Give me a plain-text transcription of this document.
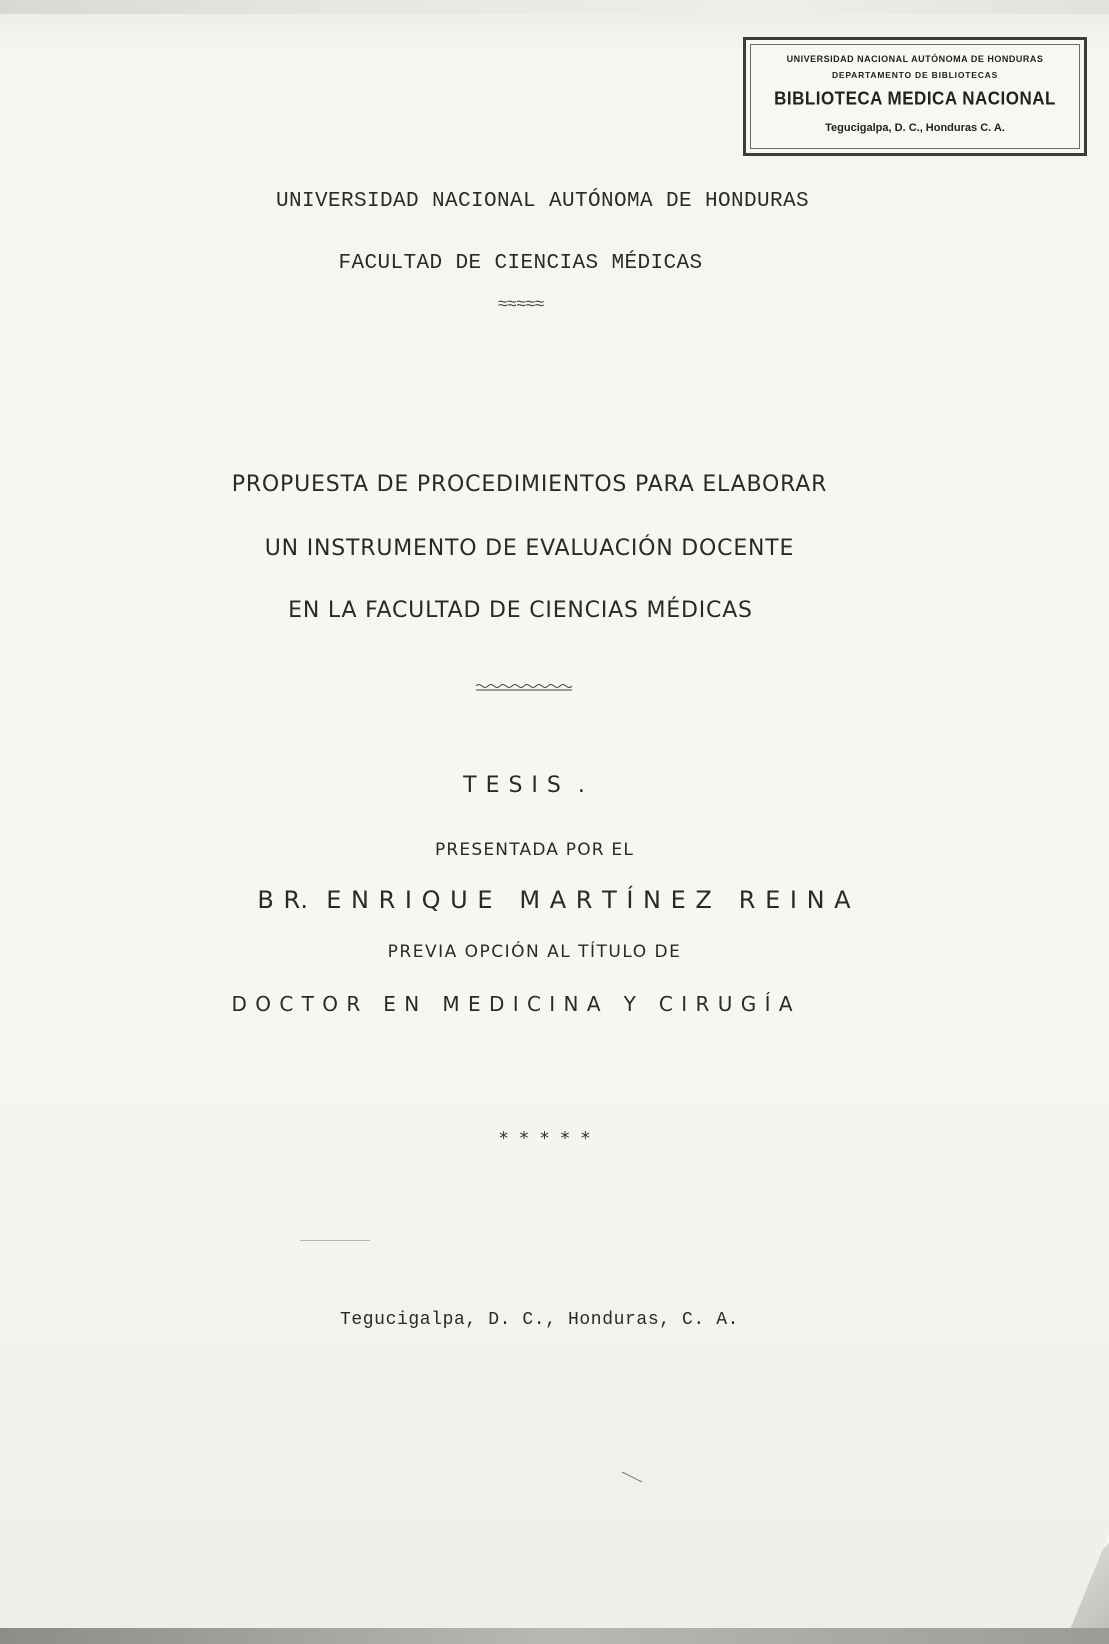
UNIVERSIDAD NACIONAL AUTÓNOMA DE HONDURAS
DEPARTAMENTO DE BIBLIOTECAS
BIBLIOTECA MEDICA NACIONAL
Tegucigalpa, D. C., Honduras C. A.
UNIVERSIDAD NACIONAL AUTÓNOMA DE HONDURAS
FACULTAD DE CIENCIAS MÉDICAS
≈≈≈≈≈
PROPUESTA DE PROCEDIMIENTOS PARA ELABORAR
UN INSTRUMENTO DE EVALUACIÓN DOCENTE
EN LA FACULTAD DE CIENCIAS MÉDICAS
T E S I S  .
PRESENTADA POR EL
B R.  E N R I Q U E   M A R T Í N E Z   R E I N A
PREVIA OPCIÓN AL TÍTULO DE
D O C T O R   E N   M E D I C I N A   Y   C I R U G Í A
*  *  *  *  *
Tegucigalpa, D. C., Honduras, C. A.
